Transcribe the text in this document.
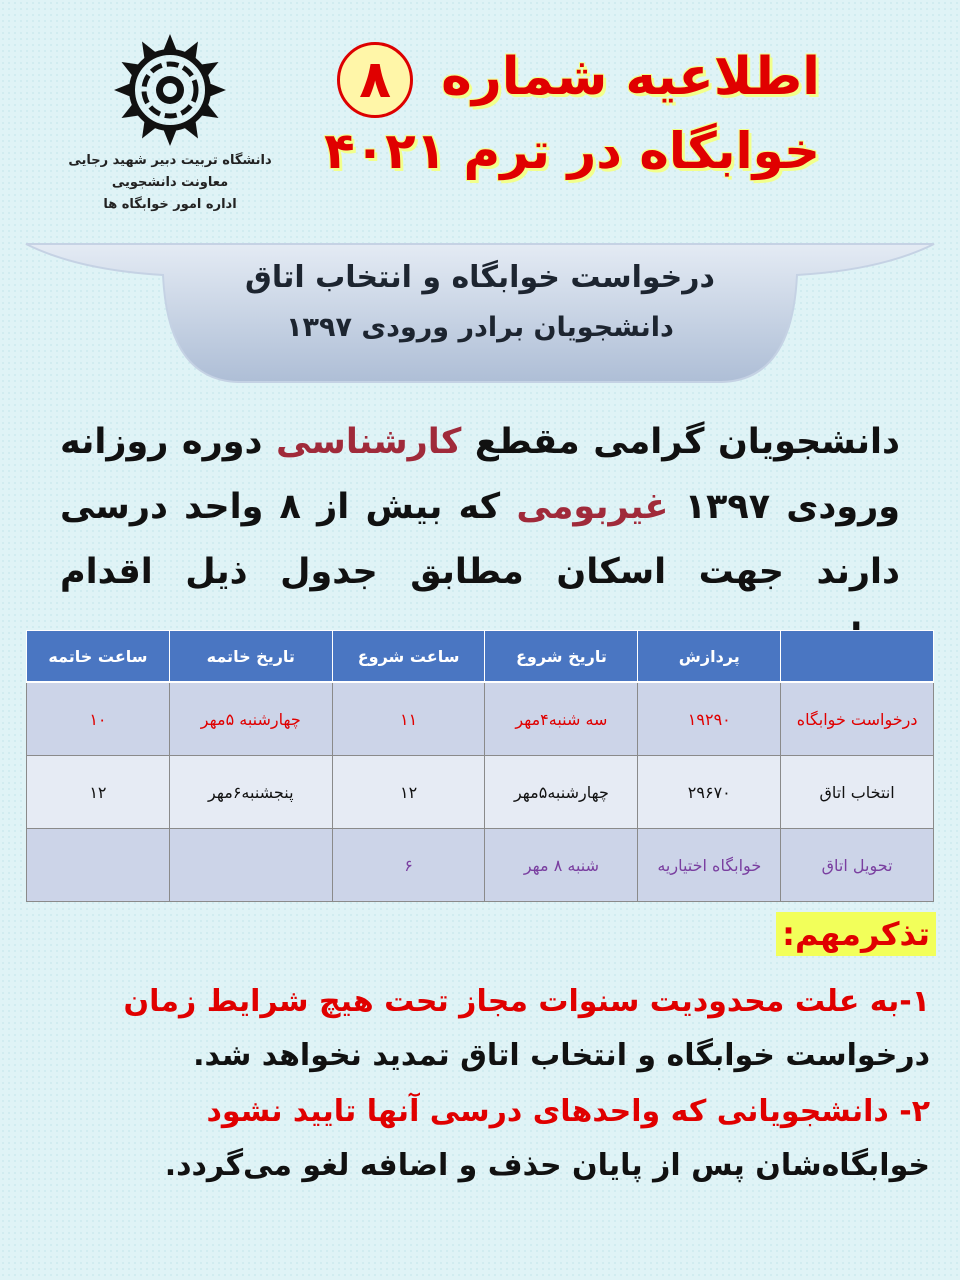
دانشگاه تربیت دبیر شهید رجایی
معاونت دانشجویی
اداره امور خوابگاه ها
اطلاعیه شماره ۸
خوابگاه در ترم ۴۰۲۱
درخواست خوابگاه و انتخاب اتاق
دانشجویان برادر ورودی ۱۳۹۷
دانشجویان گرامی مقطع کارشناسی دوره روزانه ورودی ۱۳۹۷ غیربومی که بیش از ۸ واحد درسی دارند جهت اسکان مطابق جدول ذیل اقدام
	پردازش	تاریخ شروع	ساعت شروع	تاریخ خاتمه	ساعت خاتمه
درخواست خوابگاه	۱۹۲۹۰	سه شنبه۴مهر	۱۱	چهارشنبه ۵مهر	۱۰
انتخاب اتاق	۲۹۶۷۰	چهارشنبه۵مهر	۱۲	پنجشنبه۶مهر	۱۲
تحویل اتاق	خوابگاه اختیاریه	شنبه ۸ مهر	۶		
تذکرمهم:
۱-به علت محدودیت سنوات مجاز تحت هیچ شرایط زمان
درخواست خوابگاه و انتخاب اتاق تمدید نخواهد شد.
۲- دانشجویانی که واحدهای درسی آنها تایید نشود
خوابگاه‌شان پس از پایان حذف و اضافه لغو می‌گردد.
